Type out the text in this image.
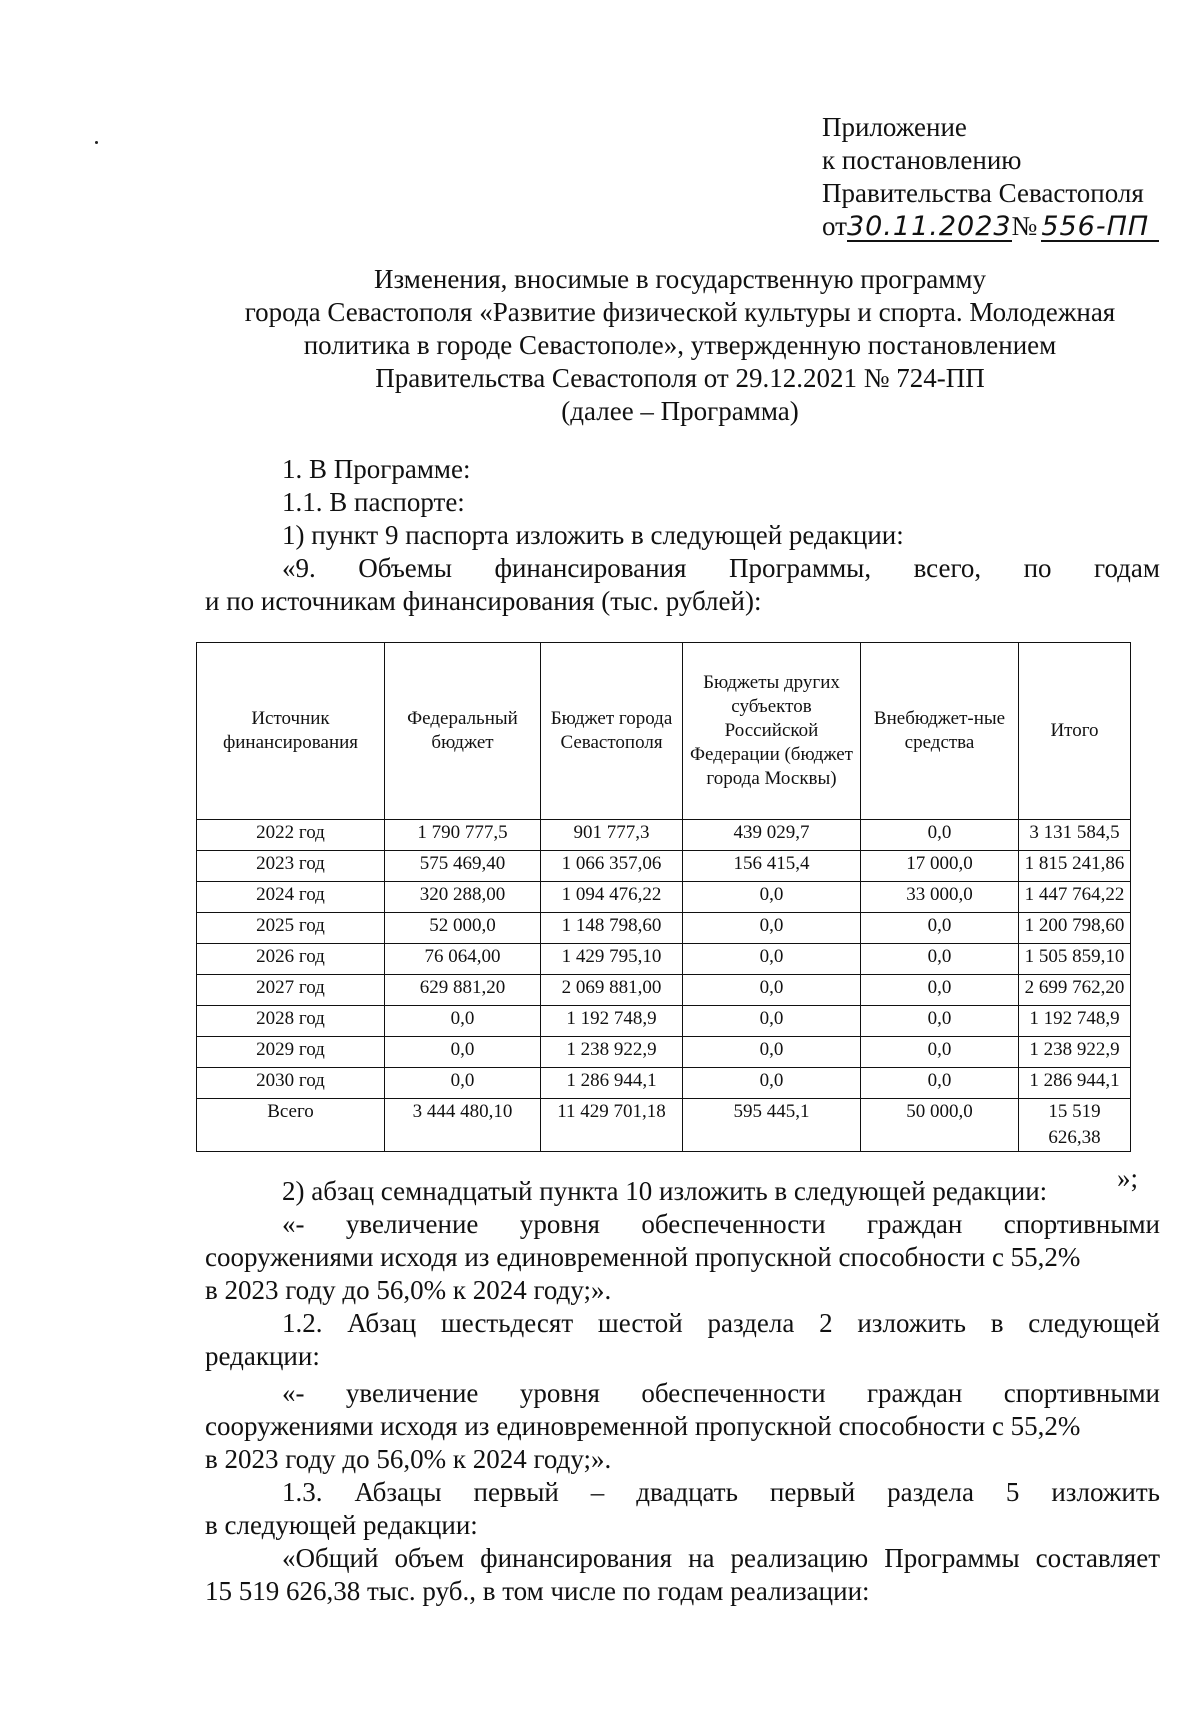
Приложение
к постановлению
Правительства Севастополя
от30.11.2023№ 556-ПП
Изменения, вносимые в государственную программу
города Севастополя «Развитие физической культуры и спорта. Молодежная
политика в городе Севастополе», утвержденную постановлением
Правительства Севастополя от 29.12.2021 № 724-ПП
(далее – Программа)

1. В Программе:

1.1. В паспорте:

1) пункт 9 паспорта изложить в следующей редакции:

«9. Объемы финансирования Программы, всего, по годам

и по источникам финансирования (тыс. рублей):

Источник финансирования	Федеральный бюджет	Бюджет города Севастополя	Бюджеты других субъектов Российской Федерации (бюджет города Москвы)	Внебюджет-ные средства	Итого
2022 год	1 790 777,5	901 777,3	439 029,7	0,0	3 131 584,5
2023 год	575 469,40	1 066 357,06	156 415,4	17 000,0	1 815 241,86
2024 год	320 288,00	1 094 476,22	0,0	33 000,0	1 447 764,22
2025 год	52 000,0	1 148 798,60	0,0	0,0	1 200 798,60
2026 год	76 064,00	1 429 795,10	0,0	0,0	1 505 859,10
2027 год	629 881,20	2 069 881,00	0,0	0,0	2 699 762,20
2028 год	0,0	1 192 748,9	0,0	0,0	1 192 748,9
2029 год	0,0	1 238 922,9	0,0	0,0	1 238 922,9
2030 год	0,0	1 286 944,1	0,0	0,0	1 286 944,1
Всего	3 444 480,10	11 429 701,18	595 445,1	50 000,0	15 519 626,38
»;

2) абзац семнадцатый пункта 10 изложить в следующей редакции:

«- увеличение уровня обеспеченности граждан спортивными

сооружениями исходя из единовременной пропускной способности с 55,2%

в 2023 году до 56,0% к 2024 году;».

1.2. Абзац шестьдесят шестой раздела 2 изложить в следующей

редакции:

«- увеличение уровня обеспеченности граждан спортивными

сооружениями исходя из единовременной пропускной способности с 55,2%

в 2023 году до 56,0% к 2024 году;».

1.3. Абзацы первый – двадцать первый раздела 5 изложить

в следующей редакции:

«Общий объем финансирования на реализацию Программы составляет

15 519 626,38 тыс. руб., в том числе по годам реализации:
